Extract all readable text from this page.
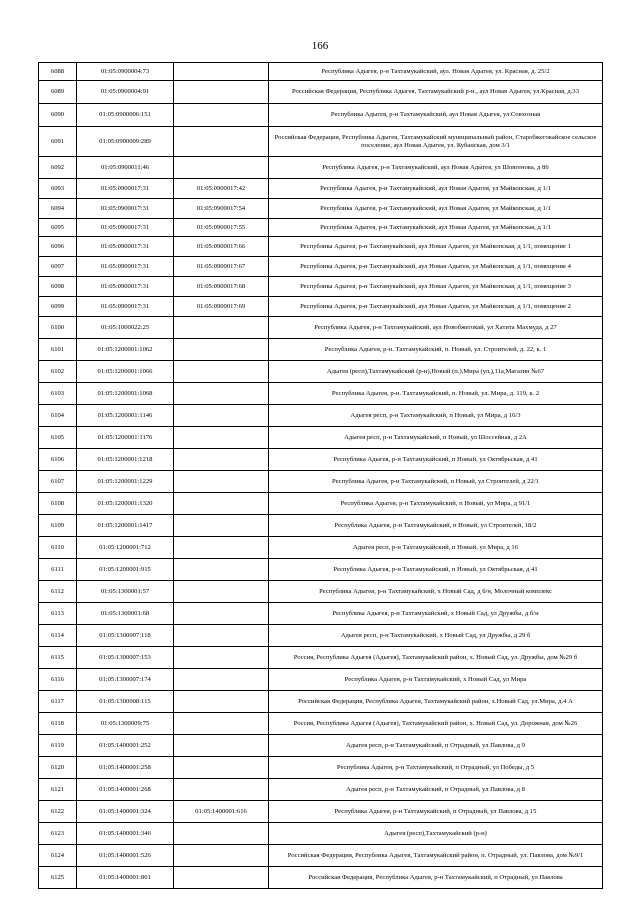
166
6088	01:05:0900004:73		Республика Адыгея, р-н Тахтамукайский, аул. Новая Адыгея, ул. Красная, д. 25/2
6089	01:05:0900004:91		Российская Федерация, Республика Адыгея, Тахтамукайский р-н., аул Новая Адыгея, ул.Красная, д.33
6090	01:05:0900006:151		Республика Адыгея, р-н Тахтамукайский, аул Новая Адыгея, ул Совхозная
6091	01:05:0900009:289		Российская Федерация, Республика Адыгея, Тахтамукайский муниципальный район, Старобжегокайское сельское поселение, аул Новая Адыгея, ул. Кубанская, дом 3/1
6092	01:05:0900011:46		Республика Адыгея, р-н Тахтамукайский, аул Новая Адыгея, ул Шовгенова, д 86
6093	01:05:0900017:31	01:05:0900017:42	Республика Адыгея, р-н Тахтамукайский, аул Новая Адыгея, ул Майкопская, д 1/1
6094	01:05:0900017:31	01:05:0900017:54	Республика Адыгея, р-н Тахтамукайский, аул Новая Адыгея, ул Майкопская, д 1/1
6095	01:05:0900017:31	01:05:0900017:55	Республика Адыгея, р-н Тахтамукайский, аул Новая Адыгея, ул Майкопская, д 1/1
6096	01:05:0900017:31	01:05:0900017:66	Республика Адыгея, р-н Тахтамукайский, аул Новая Адыгея, ул Майкопская, д 1/1, помещение 1
6097	01:05:0900017:31	01:05:0900017:67	Республика Адыгея, р-н Тахтамукайский, аул Новая Адыгея, ул Майкопская, д 1/1, помещение 4
6098	01:05:0900017:31	01:05:0900017:68	Республика Адыгея, р-н Тахтамукайский, аул Новая Адыгея, ул Майкопская, д 1/1, помещение 3
6099	01:05:0900017:31	01:05:0900017:69	Республика Адыгея, р-н Тахтамукайский, аул Новая Адыгея, ул Майкопская, д 1/1, помещение 2
6100	01:05:1000022:25		Республика Адыгея, р-н Тахтамукайский, аул Новобжегокай, ул Хатита Махмуда, д 27
6101	01:05:1200001:1062		Республика Адыгея, р-н. Тахтамукайский, п. Новый, ул. Строителей, д. 22, к. 1
6102	01:05:1200001:1066		Адыгея (респ),Тахтамукайский (р-н),Новый (п.),Мира (ул.),11а,Магазин №67
6103	01:05:1200001:1068		Республика Адыгея, р-н. Тахтамукайский, п. Новый, ул. Мира, д. 119, к. 2
6104	01:05:1200001:1146		Адыгея респ, р-н Тахтамукайский, п Новый, ул Мира, д 16/3
6105	01:05:1200001:1176		Адыгея респ, р-н Тахтамукайский, п Новый, ул Шоссейная, д 2А
6106	01:05:1200001:1218		Республика Адыгея, р-н Тахтамукайский, п Новый, ул Октябрьская, д 41
6107	01:05:1200001:1229		Республика Адыгея, р-н Тахтамукайский, п Новый, ул Строителей, д 22/1
6108	01:05:1200001:1320		Республика Адыгея, р-н Тахтамукайский, п Новый, ул Мира, д 91/1
6109	01:05:1200001:1417		Республика Адыгея, р-н Тахтамукайский, п Новый, ул Строителей, 18/2
6110	01:05:1200001:712		Адыгея респ, р-н Тахтамукайский, п Новый, ул Мира, д 16
6111	01:05:1200001:915		Республика Адыгея, р-н Тахтамукайский, п Новый, ул Октябрьская, д 41
6112	01:05:1300001:57		Республика Адыгея, р-н Тахтамукайский, х Новый Сад, д б/н, Молочный комплекс
6113	01:05:1300001:68		Республика Адыгея, р-н Тахтамукайский, х Новый Сад, ул Дружбы, д б/н
6114	01:05:1300007:118		Адыгея респ, р-н Тахтамукайский, х Новый Сад, ул Дружбы, д 29 б
6115	01:05:1300007:153		Россия, Республика Адыгея (Адыгея), Тахтамукайский район, х. Новый Сад, ул. Дружбы, дом №29 б
6116	01:05:1300007:174		Республика Адыгея, р-н Тахтамукайский, х Новый Сад, ул Мира
6117	01:05:1300008:115		Российская Федерация, Республика Адыгея, Тахтамукайский район, х.Новый Сад, ул.Мира, д.4 А
6118	01:05:1300009:75		Россия, Республика Адыгея (Адыгея), Тахтамукайский район, х. Новый Сад, ул. Дорожная, дом №26
6119	01:05:1400001:252		Адыгея респ, р-н Тахтамукайский, п Отрадный, ул Павлова, д 9
6120	01:05:1400001:258		Республика Адыгея, р-н Тахтамукайский, п Отрадный, ул Победы, д 5
6121	01:05:1400001:268		Адыгея респ, р-н Тахтамукайский, п Отрадный, ул Павлова, д 8
6122	01:05:1400001:324	01:05:1400001:616	Республика Адыгея, р-н Тахтамукайский, п Отрадный, ул Павлова, д 15
6123	01:05:1400001:346		Адыгея (респ),Тахтамукайский (р-н)
6124	01:05:1400001:526		Российская Федерация, Республика Адыгея, Тахтамукайский район, п. Отрадный, ул. Павлова, дом №9/1
6125	01:05:1400001:801		Российская Федерация, Республика Адыгея, р-н Тахтамукайский, п Отрадный, ул Павлова
